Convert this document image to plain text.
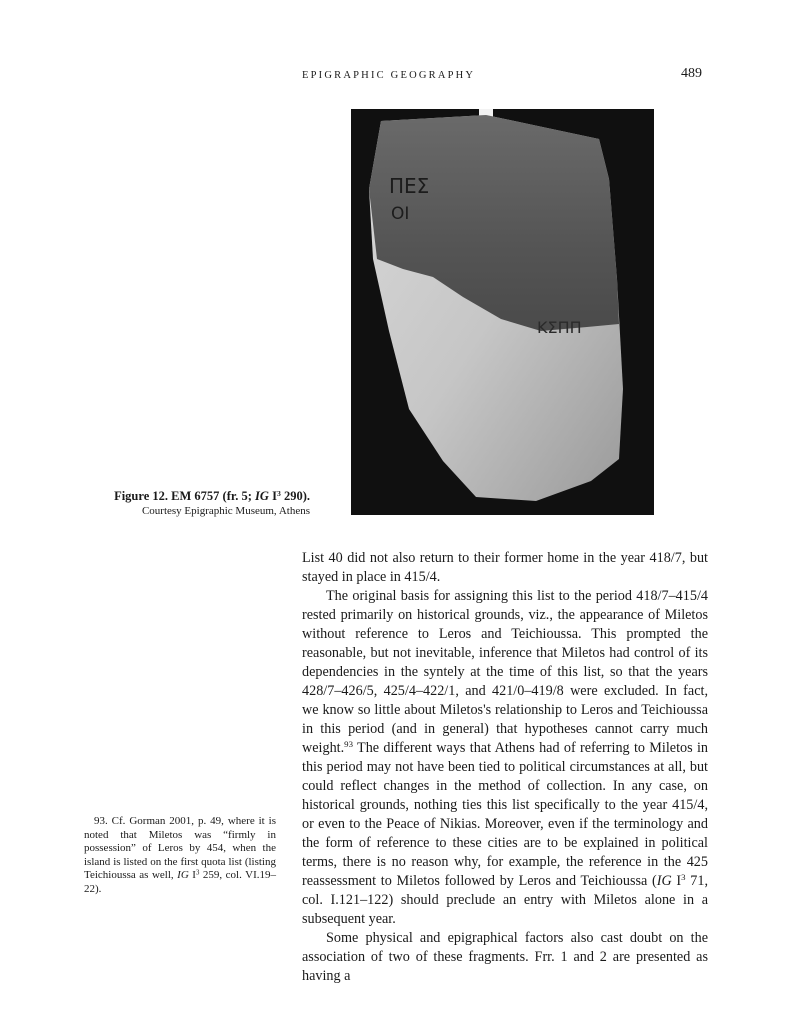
EPIGRAPHIC GEOGRAPHY	489
ΠΕΣ
ΟΙ
ΚΣΠΠ
Figure 12. EM 6757 (fr. 5; IG $I^3$ 290).
Courtesy Epigraphic Museum, Athens

List 40 did not also return to their former home in the year 418/7, but stayed in place in 415/4.

The original basis for assigning this list to the period 418/7–415/4 rested primarily on historical grounds, viz., the appearance of Miletos without reference to Leros and Teichioussa. This prompted the reasonable, but not inevitable, inference that Miletos had control of its dependencies in the syntely at the time of this list, so that the years 428/7–426/5, 425/4–422/1, and 421/0–419/8 were excluded. In fact, we know so little about Miletos's relationship to Leros and Teichioussa in this period (and in general) that hypotheses cannot carry much weight.$^{93}$ The different ways that Athens had of referring to Miletos in this period may not have been tied to political circumstances at all, but could reflect changes in the method of collection. In any case, on historical grounds, nothing ties this list specifically to the year 415/4, or even to the Peace of Nikias. Moreover, even if the terminology and the form of reference to these cities are to be explained in political terms, there is no reason why, for example, the reference in the 425 reassessment to Miletos followed by Leros and Teichioussa (IG $I^3$ 71, col. I.121–122) should preclude an entry with Miletos alone in a subsequent year.

Some physical and epigraphical factors also cast doubt on the association of two of these fragments. Frr. 1 and 2 are presented as having a

93. Cf. Gorman 2001, p. 49, where it is noted that Miletos was “firmly in possession” of Leros by 454, when the island is listed on the first quota list (listing Teichioussa as well, IG $I^3$ 259, col. VI.19–22).
